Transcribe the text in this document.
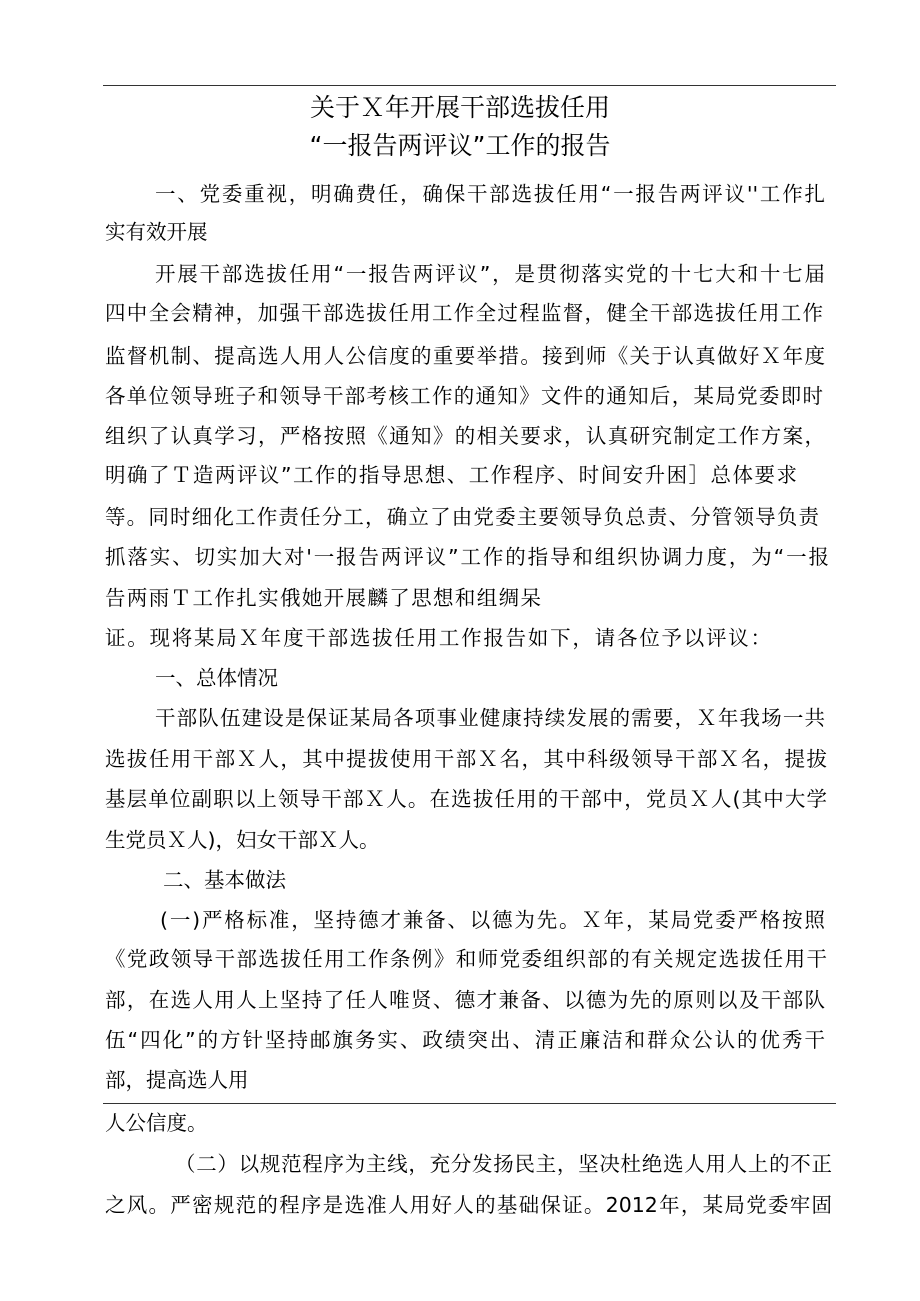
关于Ｘ年开展干部选拔任用
“一报告两评议”工作的报告
一、党委重视，明确费任，确保干部选拔任用“一报告两评议''工作扎
实有效开展
开展干部选拔任用“一报告两评议”，是贯彻落实党的十七大和十七届
四中全会精神，加强干部选拔任用工作全过程监督，健全干部选拔任用工作
监督机制、提高选人用人公信度的重要举措。接到师《关于认真做好Ｘ年度
各单位领导班子和领导干部考核工作的通知》文件的通知后，某局党委即时
组织了认真学习，严格按照《通知》的相关要求，认真研究制定工作方案，
明确了Ｔ造两评议”工作的指导思想、工作程序、时间安升困］总体要求
等。同时细化工作责任分工，确立了由党委主要领导负总责、分管领导负责
抓落实、切实加大对'一报告两评议”工作的指导和组织协调力度，为“一报
告两雨Ｔ工作扎实俄她开展麟了思想和组绸呆
证。现将某局Ｘ年度干部选拔任用工作报告如下，请各位予以评议：
一、总体情况
干部队伍建设是保证某局各项事业健康持续发展的需要，Ｘ年我场一共
选拔任用干部Ｘ人，其中提拔使用干部Ｘ名，其中科级领导干部Ｘ名，提拔
基层单位副职以上领导干部Ｘ人。在选拔任用的干部中，党员Ｘ人(其中大学
生党员Ｘ人)，妇女干部Ｘ人。
二、基本做法
(一)严格标准，坚持德才兼备、以德为先。Ｘ年，某局党委严格按照
《党政领导干部选拔任用工作条例》和师党委组织部的有关规定选拔任用干
部，在选人用人上坚持了任人唯贤、德才兼备、以德为先的原则以及干部队
伍“四化”的方针坚持邮旗务实、政绩突出、清正廉洁和群众公认的优秀干
部，提高选人用
人公信度。
（二）以规范程序为主线，充分发扬民主，坚决杜绝选人用人上的不正
之风。严密规范的程序是选准人用好人的基础保证。2012年，某局党委牢固
